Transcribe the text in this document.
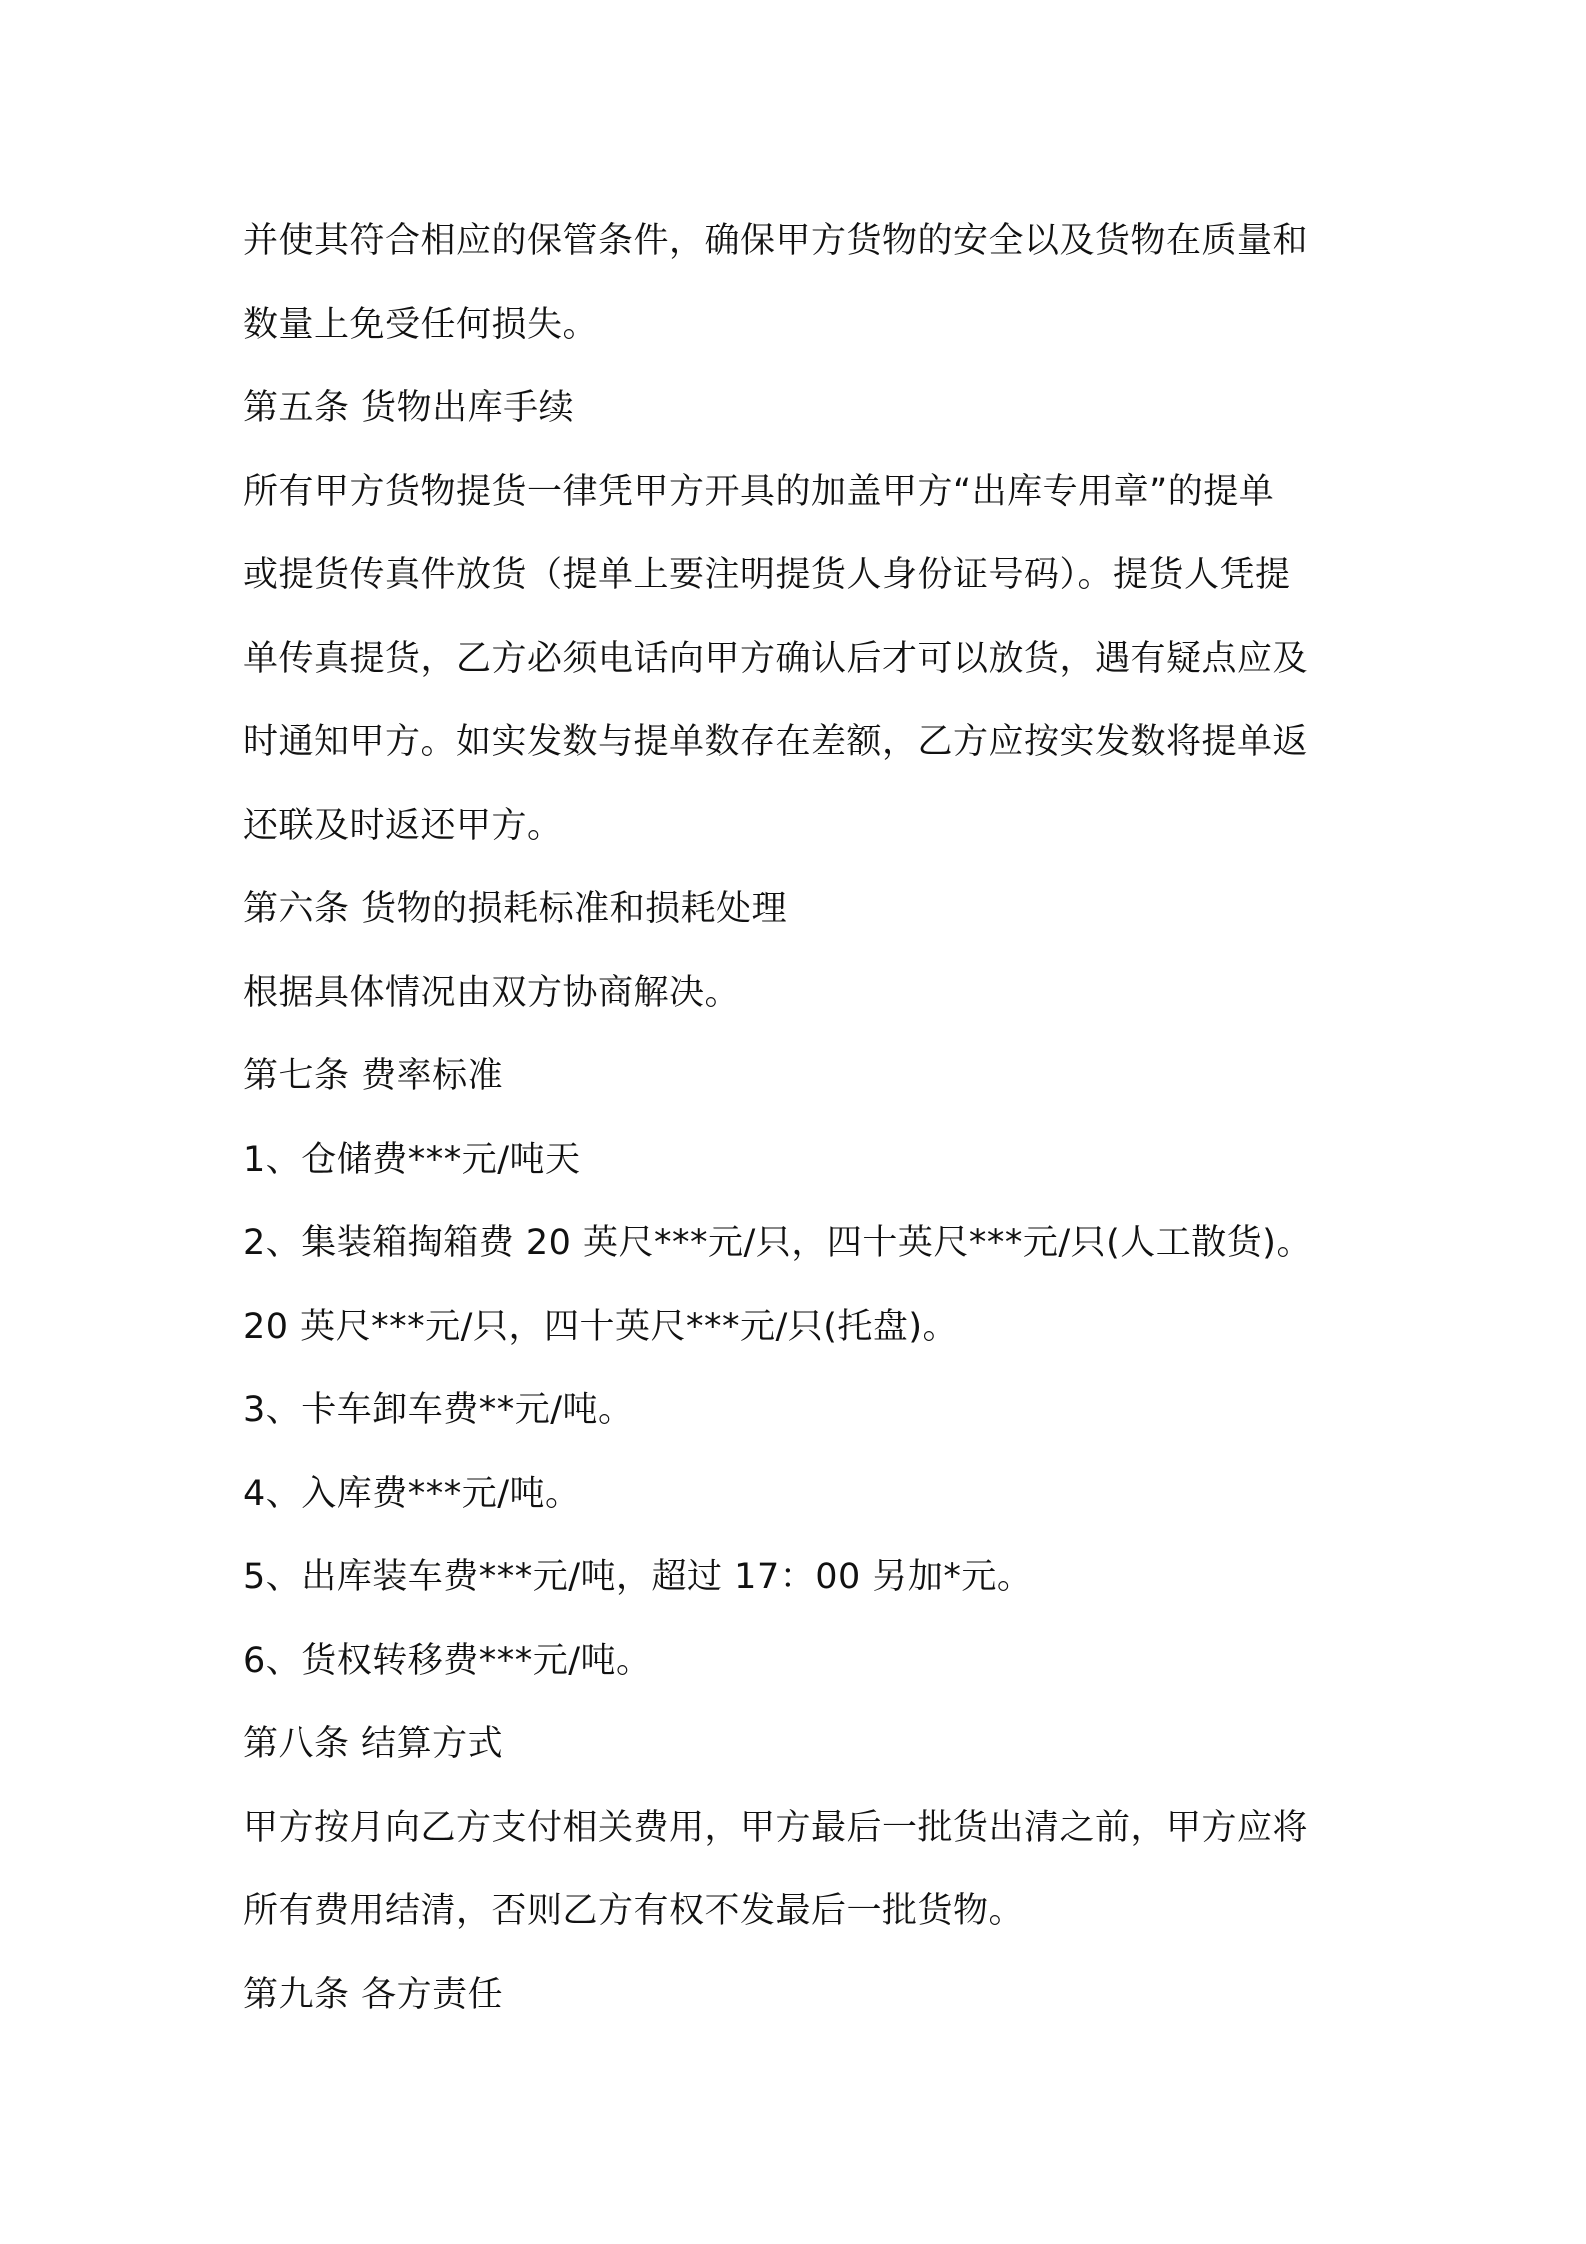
并使其符合相应的保管条件，确保甲方货物的安全以及货物在质量和
数量上免受任何损失。
第五条 货物出库手续
所有甲方货物提货一律凭甲方开具的加盖甲方“出库专用章”的提单
或提货传真件放货（提单上要注明提货人身份证号码）。提货人凭提
单传真提货，乙方必须电话向甲方确认后才可以放货，遇有疑点应及
时通知甲方。如实发数与提单数存在差额，乙方应按实发数将提单返
还联及时返还甲方。
第六条 货物的损耗标准和损耗处理
根据具体情况由双方协商解决。
第七条 费率标准
1、仓储费***元/吨天
2、集装箱掏箱费 20 英尺***元/只，四十英尺***元/只(人工散货)。
20 英尺***元/只，四十英尺***元/只(托盘)。
3、卡车卸车费**元/吨。
4、入库费***元/吨。
5、出库装车费***元/吨，超过 17：00 另加*元。
6、货权转移费***元/吨。
第八条 结算方式
甲方按月向乙方支付相关费用，甲方最后一批货出清之前，甲方应将
所有费用结清，否则乙方有权不发最后一批货物。
第九条 各方责任
